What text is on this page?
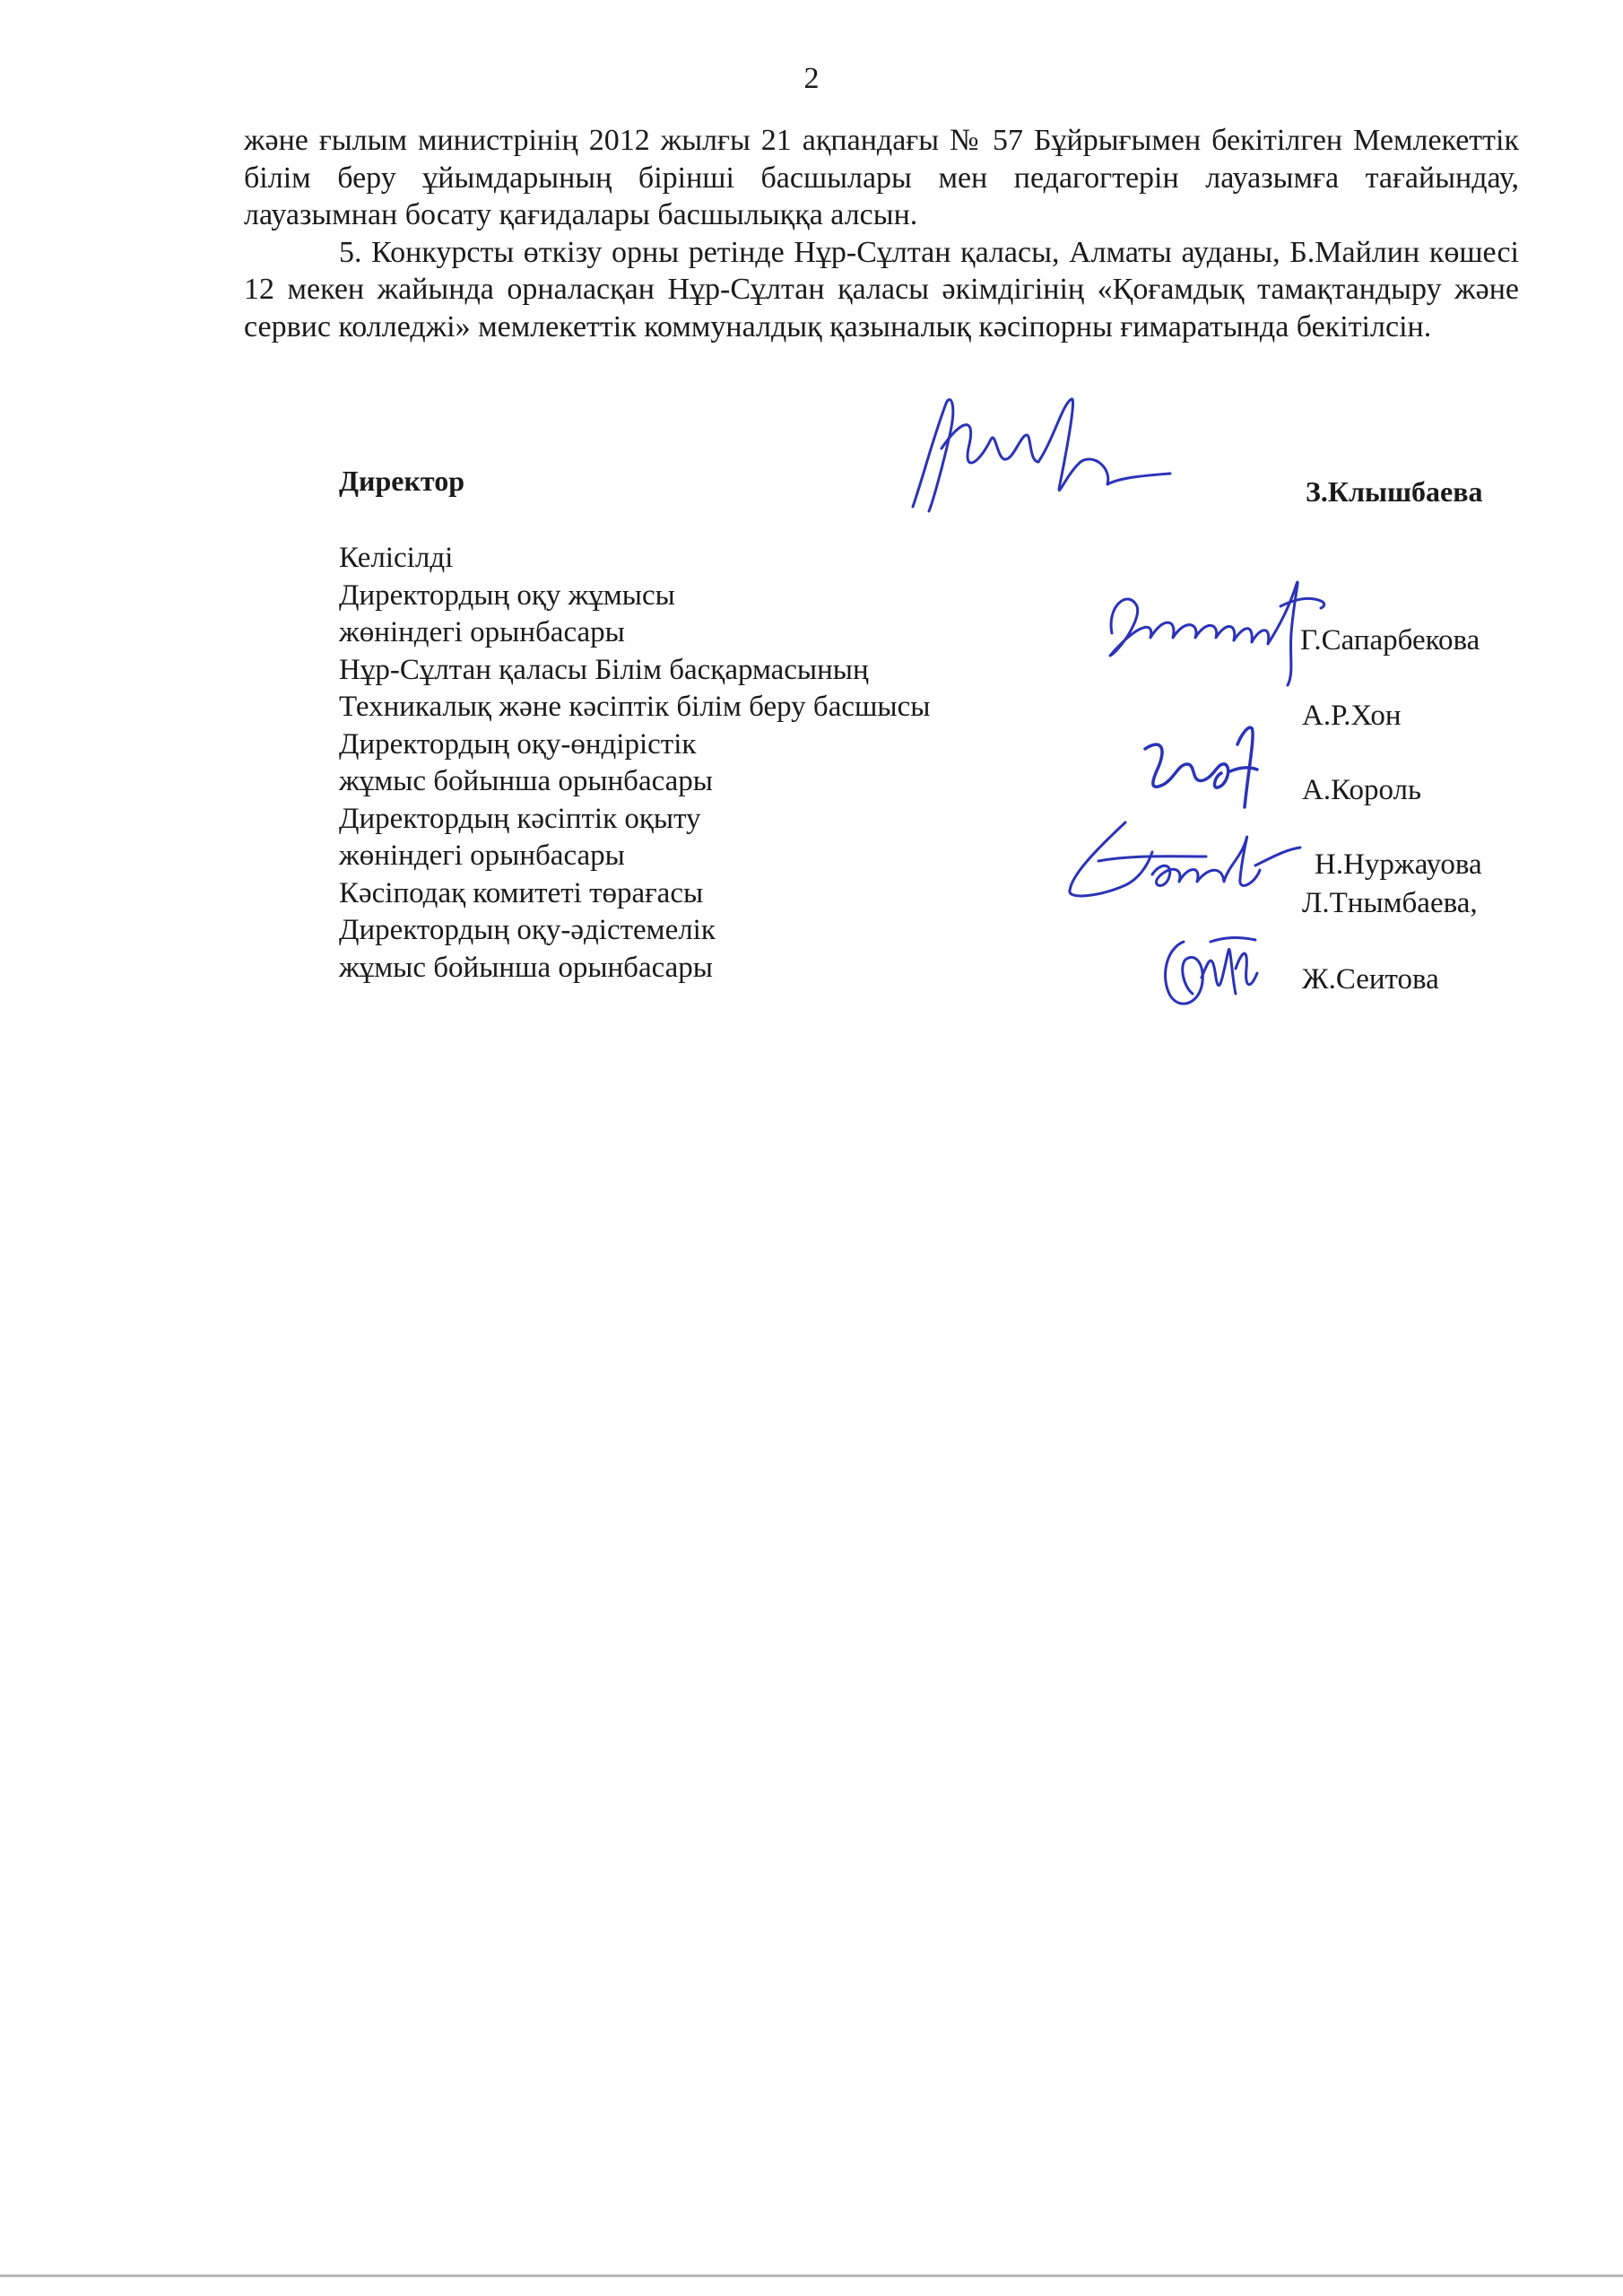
2

және ғылым министрінің 2012 жылғы 21 ақпандағы № 57 Бұйрығымен бекітілген Мемлекеттік білім беру ұйымдарының бірінші басшылары мен педагогтерін лауазымға тағайындау, лауазымнан босату қағидалары басшылыққа алсын.

5. Конкурсты өткізу орны ретінде Нұр-Сұлтан қаласы, Алматы ауданы, Б.Майлин көшесі 12 мекен жайында орналасқан Нұр-Сұлтан қаласы әкімдігінің «Қоғамдық тамақтандыру және сервис колледжі» мемлекеттік коммуналдық қазыналық кәсіпорны ғимаратында бекітілсін.

Директор	З.Клышбаева
Келісілді
Директордың оқу жұмысы
жөніндегі орынбасары
Нұр-Сұлтан қаласы Білім басқармасының
Техникалық және кәсіптік білім беру басшысы
Директордың оқу-өндірістік
жұмыс бойынша орынбасары
Директордың кәсіптік оқыту
жөніндегі орынбасары
Кәсіподақ комитеті төрағасы
Директордың оқу-әдістемелік
жұмыс бойынша орынбасары
Г.Сапарбекова
А.Р.Хон
А.Король
Н.Нуржауова
Л.Тнымбаева,
Ж.Сеитова
